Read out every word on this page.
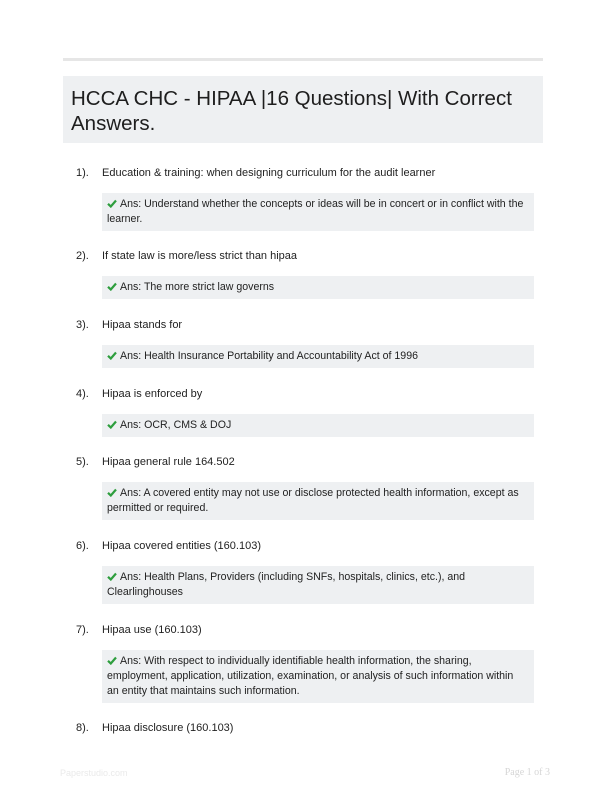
HCCA CHC - HIPAA |16 Questions| With Correct Answers.
1). Education & training: when designing curriculum for the audit learner
Ans: Understand whether the concepts or ideas will be in concert or in conflict with the learner.
2). If state law is more/less strict than hipaa
Ans: The more strict law governs
3). Hipaa stands for
Ans: Health Insurance Portability and Accountability Act of 1996
4). Hipaa is enforced by
Ans: OCR, CMS & DOJ
5). Hipaa general rule 164.502
Ans: A covered entity may not use or disclose protected health information, except as permitted or required.
6). Hipaa covered entities (160.103)
Ans: Health Plans, Providers (including SNFs, hospitals, clinics, etc.), and Clearlinghouses
7). Hipaa use (160.103)
Ans: With respect to individually identifiable health information, the sharing, employment, application, utilization, examination, or analysis of such information within an entity that maintains such information.
8). Hipaa disclosure (160.103)
Paperstudio.com	Page 1 of 3
